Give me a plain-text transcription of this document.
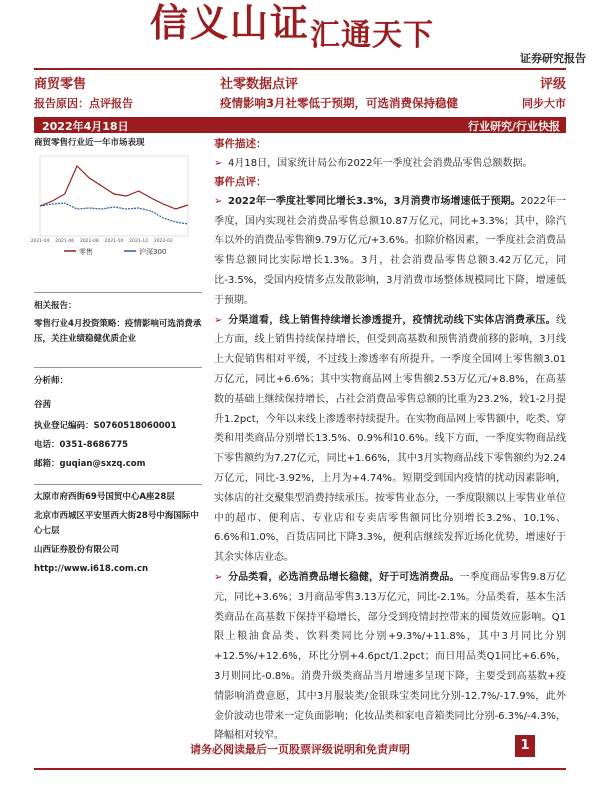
信义山证 汇通天下
证券研究报告
商贸零售	社零数据点评	评级
报告原因：点评报告	疫情影响3月社零低于预期，可选消费保持稳健	同步大市
2022年4月18日	行业研究/行业快报
商贸零售行业近一年市场表现
2021-04 2021-06 2021-08 2021-10 2021-12 2022-02
零售	沪深300
相关报告：
零售行业4月投资策略：疫情影响可选消费承压，关注业绩稳健优质企业
分析师：
谷茜
执业登记编码：S0760518060001
电话：0351-8686775
邮箱：guqian@sxzq.com
太原市府西街69号国贸中心A座28层
北京市西城区平安里西大街28号中海国际中心七层
山西证券股份有限公司
http://www.i618.com.cn
事件描述：
➢ 4月18日，国家统计局公布2022年一季度社会消费品零售总额数据。
事件点评：
➢ 2022年一季度社零同比增长3.3%，3月消费市场增速低于预期。2022年一季度，国内实现社会消费品零售总额10.87万亿元，同比+3.3%；其中，除汽车以外的消费品零售额9.79万亿元/+3.6%。扣除价格因素，一季度社会消费品零售总额同比实际增长1.3%。3月，社会消费品零售总额3.42万亿元，同比-3.5%，受国内疫情多点发散影响，3月消费市场整体规模同比下降，增速低于预期。
➢ 分渠道看，线上销售持续增长渗透提升，疫情扰动线下实体店消费承压。线上方面，线上销售持续保持增长，但受到高基数和预售消费前移的影响，3月线上大促销售相对平缓，不过线上渗透率有所提升。一季度全国网上零售额3.01万亿元，同比+6.6%；其中实物商品网上零售额2.53万亿元/+8.8%，在高基数的基础上继续保持增长，占社会消费品零售总额的比重为23.2%，较1-2月提升1.2pct，今年以来线上渗透率持续提升。在实物商品网上零售额中，吃类、穿类和用类商品分别增长13.5%、0.9%和10.6%。线下方面，一季度实物商品线下零售额约为7.27亿元，同比+1.66%，其中3月实物商品线下零售额约为2.24万亿元，同比-3.92%，上月为+4.74%。短期受到国内疫情的扰动因素影响，实体店的社交聚集型消费持续承压。按零售业态分，一季度限额以上零售业单位中的超市、便利店、专业店和专卖店零售额同比分别增长3.2%、10.1%、6.6%和1.0%，百货店同比下降3.3%，便利店继续发挥近场化优势，增速好于其余实体店业态。
➢ 分品类看，必选消费品增长稳健，好于可选消费品。一季度商品零售9.8万亿元，同比+3.6%；3月商品零售3.13万亿元，同比-2.1%。分品类看，基本生活类商品在高基数下保持平稳增长，部分受到疫情封控带来的囤货效应影响。Q1限上粮油食品类、饮料类同比分别+9.3%/+11.8%，其中3月同比分别+12.5%/+12.6%，环比分别+4.6pct/1.2pct；而日用品类Q1同比+6.6%，3月则同比-0.8%。消费升级类商品当月增速多呈现下降，主要受到高基数+疫情影响消费意愿，其中3月服装类/金银珠宝类同比分别-12.7%/-17.9%，此外金价波动也带来一定负面影响；化妆品类和家电音箱类同比分别-6.3%/-4.3%，降幅相对较窄。
请务必阅读最后一页股票评级说明和免责声明	1
